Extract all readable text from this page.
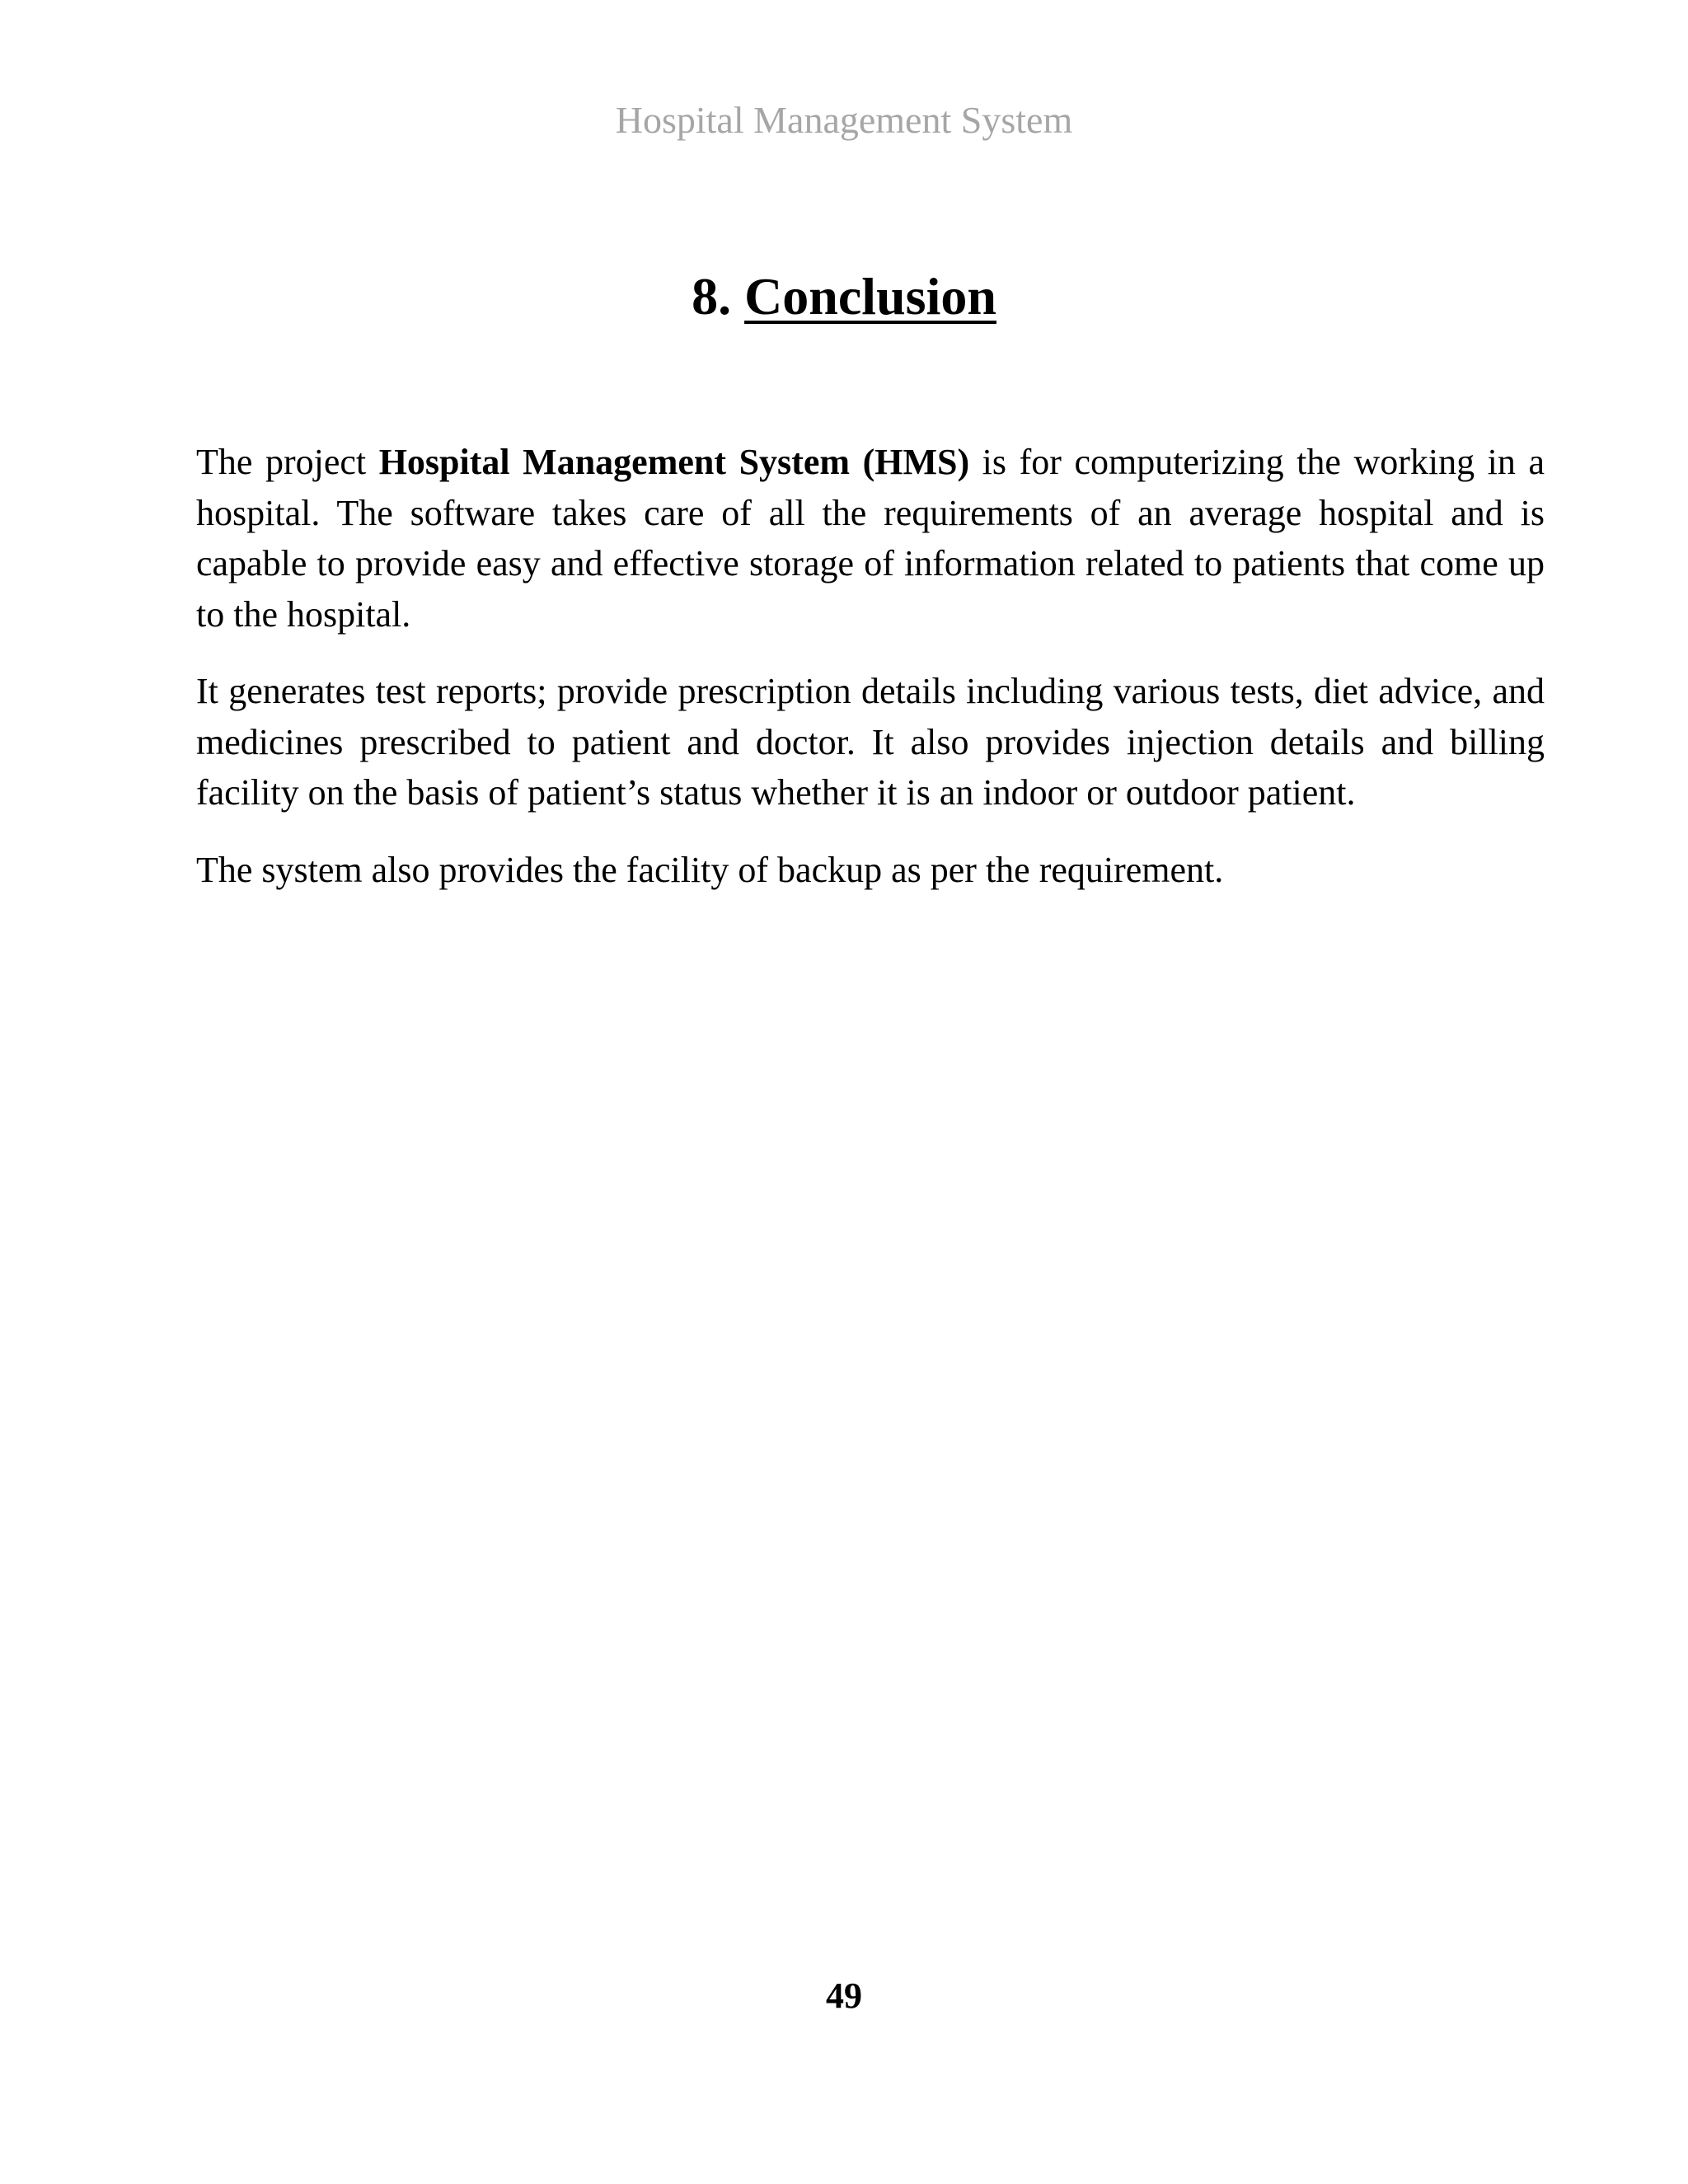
Hospital Management System
8. Conclusion

The project Hospital Management System (HMS) is for computerizing the working in a hospital. The software takes care of all the requirements of an average hospital and is capable to provide easy and effective storage of information related to patients that come up to the hospital.

It generates test reports; provide prescription details including various tests, diet advice, and medicines prescribed to patient and doctor. It also provides injection details and billing facility on the basis of patient’s status whether it is an indoor or outdoor patient.

The system also provides the facility of backup as per the requirement.

49
